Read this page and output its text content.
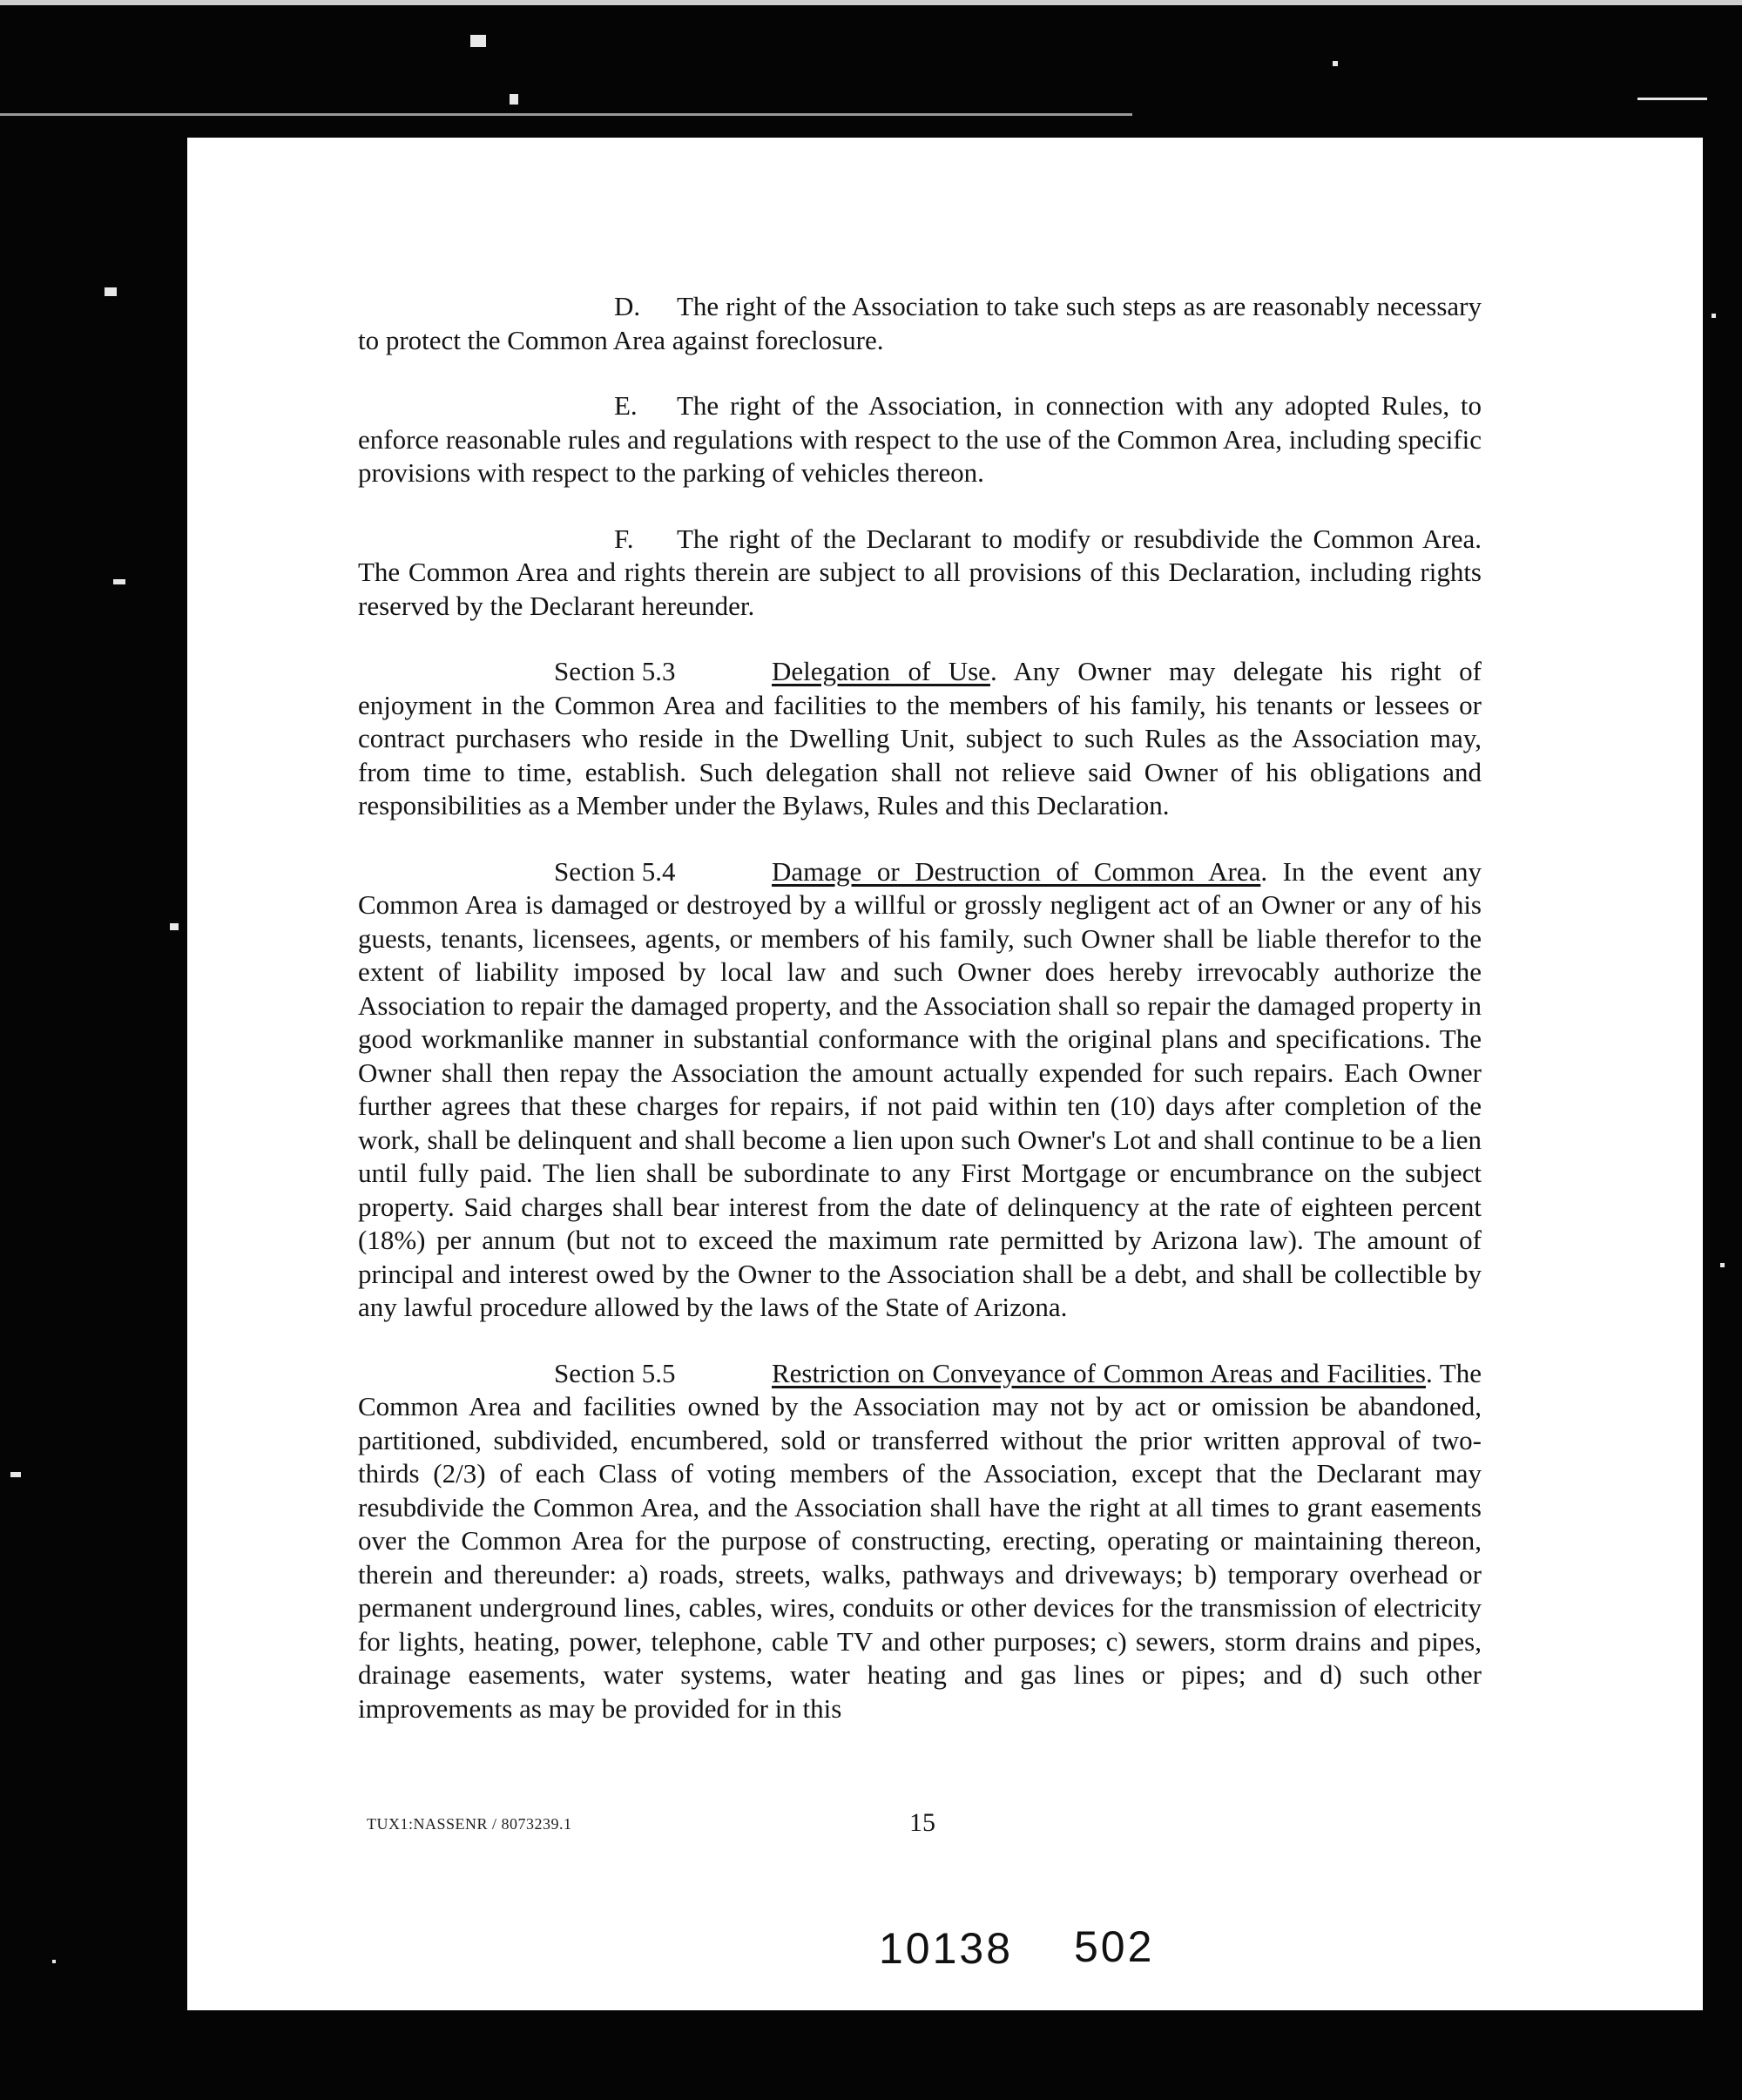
D. The right of the Association to take such steps as are reasonably necessary to protect the Common Area against foreclosure.

E. The right of the Association, in connection with any adopted Rules, to enforce reasonable rules and regulations with respect to the use of the Common Area, including specific provisions with respect to the parking of vehicles thereon.

F. The right of the Declarant to modify or resubdivide the Common Area. The Common Area and rights therein are subject to all provisions of this Declaration, including rights reserved by the Declarant hereunder.

Section 5.3	Delegation of Use. Any Owner may delegate his right of enjoyment in the Common Area and facilities to the members of his family, his tenants or lessees or contract purchasers who reside in the Dwelling Unit, subject to such Rules as the Association may, from time to time, establish. Such delegation shall not relieve said Owner of his obligations and responsibilities as a Member under the Bylaws, Rules and this Declaration.

Section 5.4	Damage or Destruction of Common Area. In the event any Common Area is damaged or destroyed by a willful or grossly negligent act of an Owner or any of his guests, tenants, licensees, agents, or members of his family, such Owner shall be liable therefor to the extent of liability imposed by local law and such Owner does hereby irrevocably authorize the Association to repair the damaged property, and the Association shall so repair the damaged property in good workmanlike manner in substantial conformance with the original plans and specifications. The Owner shall then repay the Association the amount actually expended for such repairs. Each Owner further agrees that these charges for repairs, if not paid within ten (10) days after completion of the work, shall be delinquent and shall become a lien upon such Owner's Lot and shall continue to be a lien until fully paid. The lien shall be subordinate to any First Mortgage or encumbrance on the subject property. Said charges shall bear interest from the date of delinquency at the rate of eighteen percent (18%) per annum (but not to exceed the maximum rate permitted by Arizona law). The amount of principal and interest owed by the Owner to the Association shall be a debt, and shall be collectible by any lawful procedure allowed by the laws of the State of Arizona.

Section 5.5	Restriction on Conveyance of Common Areas and Facilities. The Common Area and facilities owned by the Association may not by act or omission be abandoned, partitioned, subdivided, encumbered, sold or transferred without the prior written approval of two-thirds (2/3) of each Class of voting members of the Association, except that the Declarant may resubdivide the Common Area, and the Association shall have the right at all times to grant easements over the Common Area for the purpose of constructing, erecting, operating or maintaining thereon, therein and thereunder: a) roads, streets, walks, pathways and driveways; b) temporary overhead or permanent underground lines, cables, wires, conduits or other devices for the transmission of electricity for lights, heating, power, telephone, cable TV and other purposes; c) sewers, storm drains and pipes, drainage easements, water systems, water heating and gas lines or pipes; and d) such other improvements as may be provided for in this

TUX1:NASSENR / 8073239.1	15
10138 502
